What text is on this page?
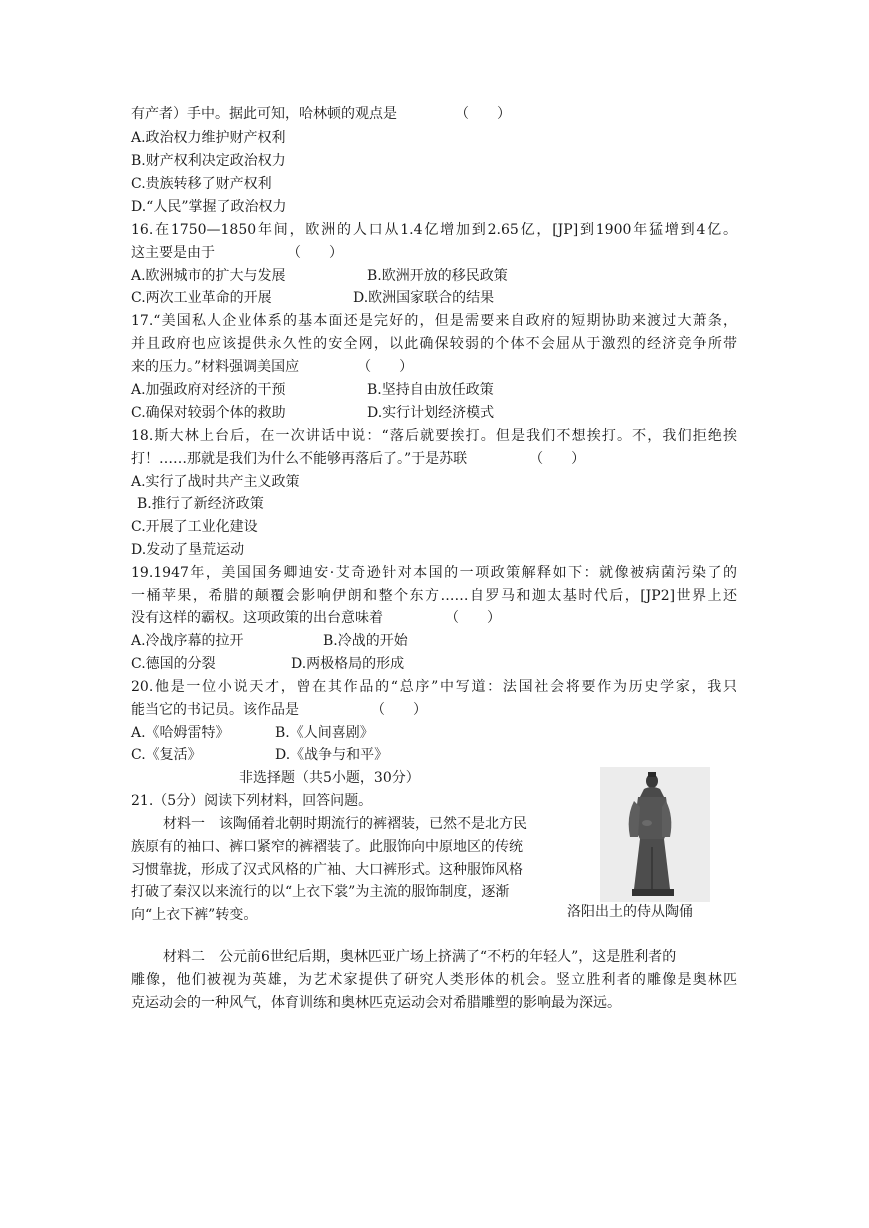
有产者）手中。据此可知，哈林顿的观点是	（　　）
A.政治权力维护财产权利
B.财产权利决定政治权力
C.贵族转移了财产权利
D.“人民”掌握了政治权力
16.在1750—1850年间，欧洲的人口从1.4亿增加到2.65亿，[JP]到1900年猛增到4亿。
这主要是由于	（　　）
A.欧洲城市的扩大与发展	B.欧洲开放的移民政策
C.两次工业革命的开展	D.欧洲国家联合的结果
17.“美国私人企业体系的基本面还是完好的，但是需要来自政府的短期协助来渡过大萧条，
并且政府也应该提供永久性的安全网，以此确保较弱的个体不会屈从于激烈的经济竞争所带
来的压力。”材料强调美国应	（　　）
A.加强政府对经济的干预	B.坚持自由放任政策
C.确保对较弱个体的救助	D.实行计划经济模式
18.斯大林上台后，在一次讲话中说：“落后就要挨打。但是我们不想挨打。不，我们拒绝挨
打！……那就是我们为什么不能够再落后了。”于是苏联	（　　）
A.实行了战时共产主义政策
B.推行了新经济政策
C.开展了工业化建设
D.发动了垦荒运动
19.1947年，美国国务卿迪安·艾奇逊针对本国的一项政策解释如下：就像被病菌污染了的
一桶苹果，希腊的颠覆会影响伊朗和整个东方……自罗马和迦太基时代后，[JP2]世界上还
没有这样的霸权。这项政策的出台意味着	（　　）
A.冷战序幕的拉开	B.冷战的开始
C.德国的分裂	D.两极格局的形成
20.他是一位小说天才，曾在其作品的“总序”中写道：法国社会将要作为历史学家，我只
能当它的书记员。该作品是	（　　）
A.《哈姆雷特》	B.《人间喜剧》
C.《复活》	D.《战争与和平》
非选择题（共5小题，30分）
21.（5分）阅读下列材料，回答问题。
材料一　该陶俑着北朝时期流行的裤褶装，已然不是北方民
族原有的袖口、裤口紧窄的裤褶装了。此服饰向中原地区的传统
习惯靠拢，形成了汉式风格的广袖、大口裤形式。这种服饰风格
打破了秦汉以来流行的以“上衣下裳”为主流的服饰制度，逐渐
向“上衣下裤”转变。	洛阳出土的侍从陶俑
材料二　公元前6世纪后期，奥林匹亚广场上挤满了“不朽的年轻人”，这是胜利者的
雕像，他们被视为英雄，为艺术家提供了研究人类形体的机会。竖立胜利者的雕像是奥林匹
克运动会的一种风气，体育训练和奥林匹克运动会对希腊雕塑的影响最为深远。
